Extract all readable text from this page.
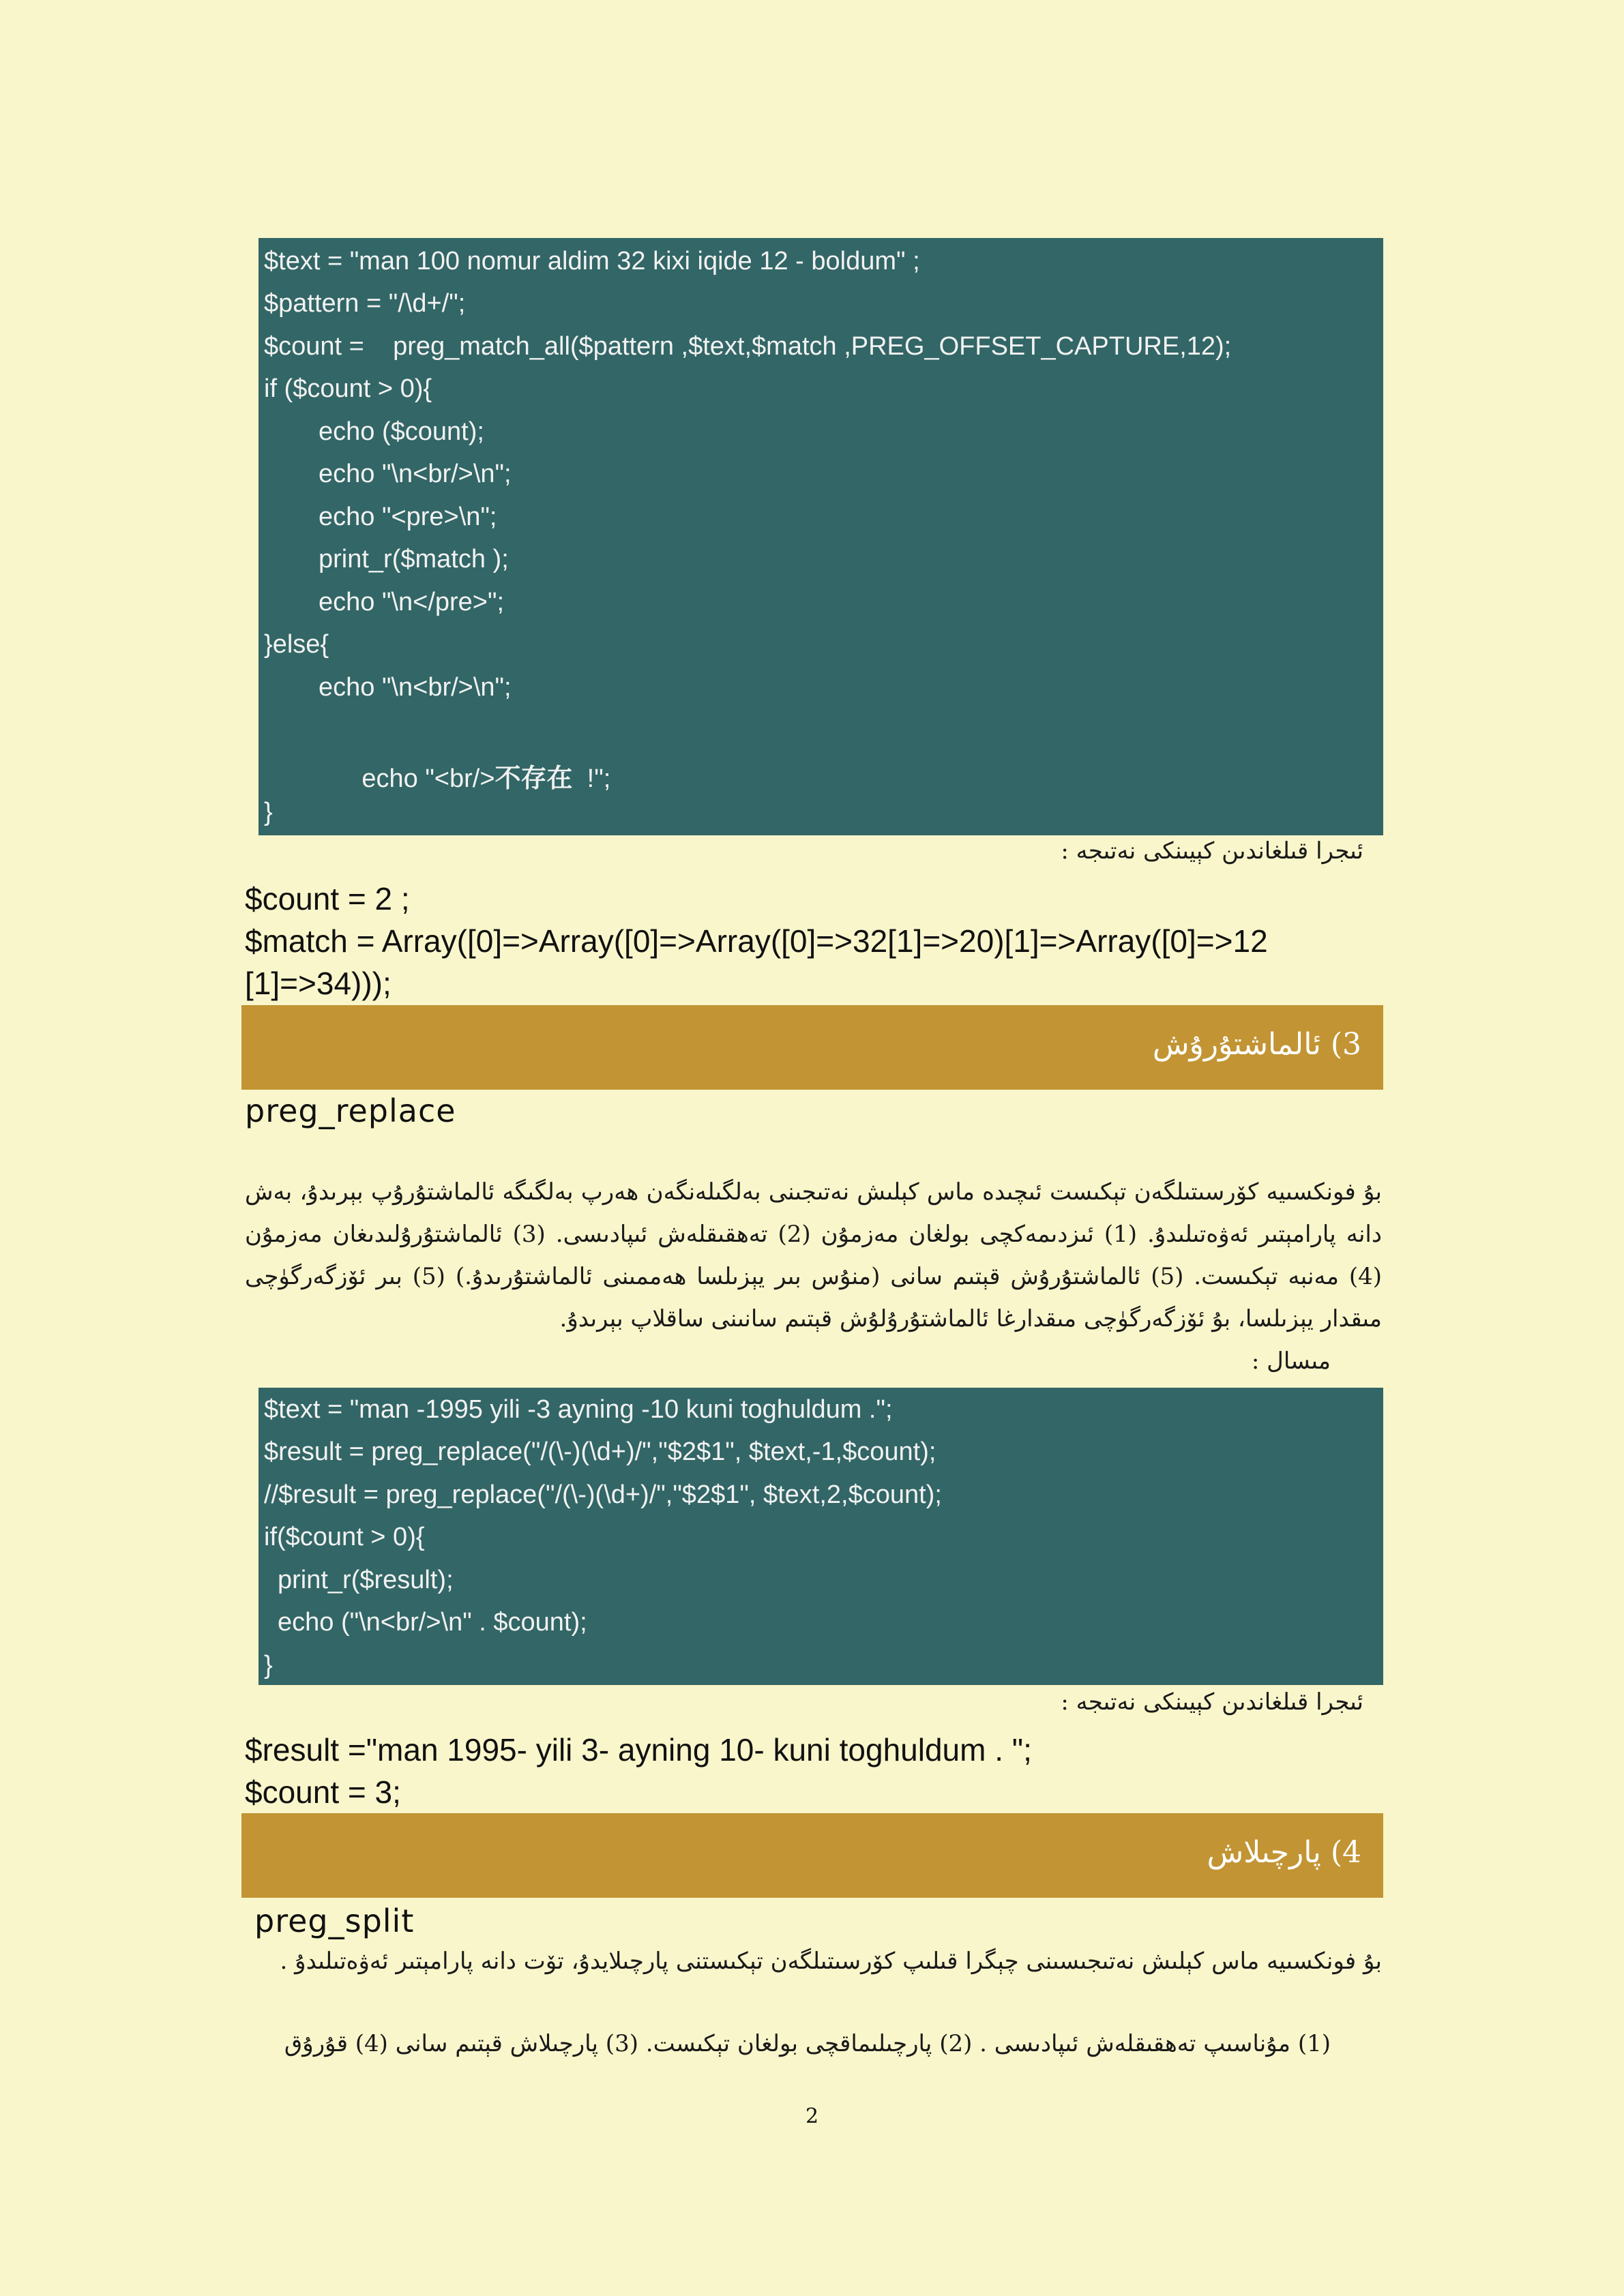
$text = "man 100 nomur aldim 32 kixi iqide 12 - boldum" ;
$pattern = "/\d+/";
$count =    preg_match_all($pattern ,$text,$match ,PREG_OFFSET_CAPTURE,12);
if ($count > 0){
echo ($count);
echo "\n<br/>\n";
echo "<pre>\n";
print_r($match );
echo "\n</pre>";
}else{
echo "\n<br/>\n";

echo "<br/>不存在  !";

}
ئىجرا قىلغاندىن كېيىنكى نەتىجە :
$count = 2 ;
$match = Array([0]=>Array([0]=>Array([0]=>32[1]=>20)[1]=>Array([0]=>12
[1]=>34)));
3) ئالماشتۇرۇش
preg_replace
بۇ فونكسىيە كۆرسىتىلگەن تېكىست ئىچىدە ماس كېلىش نەتىجىنى بەلگىلەنگەن ھەرپ بەلگىگە ئالماشتۇرۇپ بېرىدۇ، بەش دانە پارامېتىر ئەۋەتىلىدۇ. (1) ئىزدىمەكچى بولغان مەزمۇن (2) تەھقىقلەش ئىپادىسى. (3) ئالماشتۇرۇلىدىغان مەزمۇن (4) مەنبە تېكىست. (5) ئالماشتۇرۇش قېتىم سانى (منۇس بىر يېزىلسا ھەممىنى ئالماشتۇرىدۇ.) (5) بىر ئۆزگەرگۈچى مىقدار يېزىلسا، بۇ ئۆزگەرگۈچى مىقدارغا ئالماشتۇرۇلۇش قېتىم سانىنى ساقلاپ بېرىدۇ.
مىسال :
$text = "man -1995 yili -3 ayning -10 kuni toghuldum .";
$result = preg_replace("/(\-)(\d+)/","$2$1", $text,-1,$count);
//$result = preg_replace("/(\-)(\d+)/","$2$1", $text,2,$count);
if($count > 0){
print_r($result);
echo ("\n<br/>\n" . $count);
}
ئىجرا قىلغاندىن كېيىنكى نەتىجە :
$result ="man 1995- yili 3- ayning 10- kuni toghuldum . ";
$count = 3;
4) پارچىلاش
preg_split
بۇ فونكسىيە ماس كېلىش نەتىجىسىنى چېگرا قىلىپ كۆرسىتىلگەن تېكىستنى پارچىلايدۇ، تۆت دانە پارامېتىر ئەۋەتىلىدۇ .
(1) مۇناسىپ تەھقىقلەش ئىپادىسى . (2) پارچىلىماقچى بولغان تېكىست. (3) پارچىلاش قېتىم سانى (4) قۇرۇق
2
